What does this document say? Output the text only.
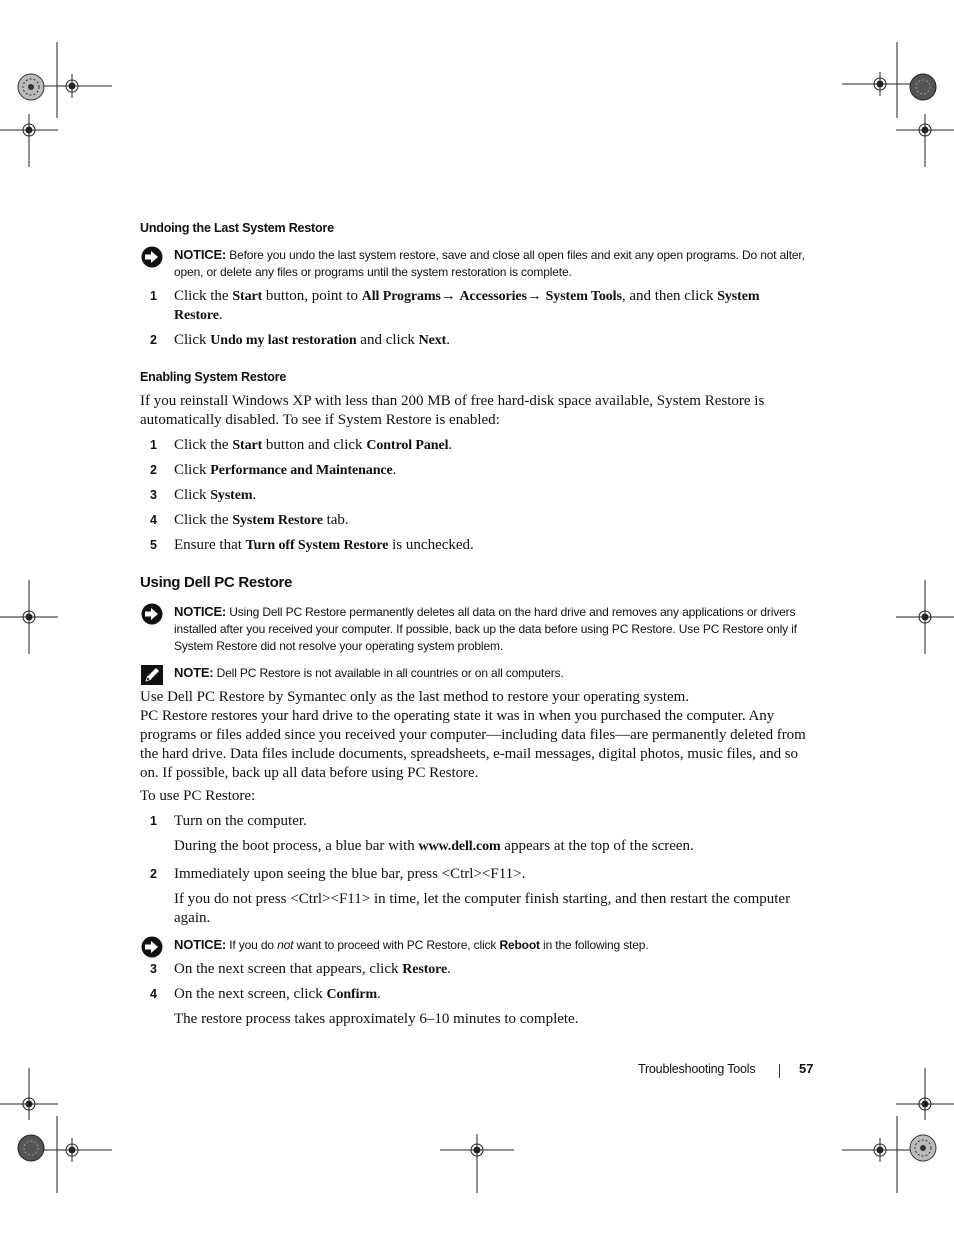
Undoing the Last System Restore
NOTICE: Before you undo the last system restore, save and close all open files and exit any open programs. Do not alter, open, or delete any files or programs until the system restoration is complete.
1 Click the Start button, point to All Programs→ Accessories→ System Tools, and then click System Restore.
2 Click Undo my last restoration and click Next.
Enabling System Restore
If you reinstall Windows XP with less than 200 MB of free hard-disk space available, System Restore is automatically disabled. To see if System Restore is enabled:
1 Click the Start button and click Control Panel.
2 Click Performance and Maintenance.
3 Click System.
4 Click the System Restore tab.
5 Ensure that Turn off System Restore is unchecked.
Using Dell PC Restore
NOTICE: Using Dell PC Restore permanently deletes all data on the hard drive and removes any applications or drivers installed after you received your computer. If possible, back up the data before using PC Restore. Use PC Restore only if System Restore did not resolve your operating system problem.
NOTE: Dell PC Restore is not available in all countries or on all computers.
Use Dell PC Restore by Symantec only as the last method to restore your operating system.
PC Restore restores your hard drive to the operating state it was in when you purchased the computer. Any programs or files added since you received your computer—including data files—are permanently deleted from the hard drive. Data files include documents, spreadsheets, e-mail messages, digital photos, music files, and so on. If possible, back up all data before using PC Restore.
To use PC Restore:
1 Turn on the computer.
During the boot process, a blue bar with www.dell.com appears at the top of the screen.
2 Immediately upon seeing the blue bar, press <Ctrl><F11>.
If you do not press <Ctrl><F11> in time, let the computer finish starting, and then restart the computer again.
NOTICE: If you do not want to proceed with PC Restore, click Reboot in the following step.
3 On the next screen that appears, click Restore.
4 On the next screen, click Confirm.
The restore process takes approximately 6–10 minutes to complete.
Troubleshooting Tools	57
